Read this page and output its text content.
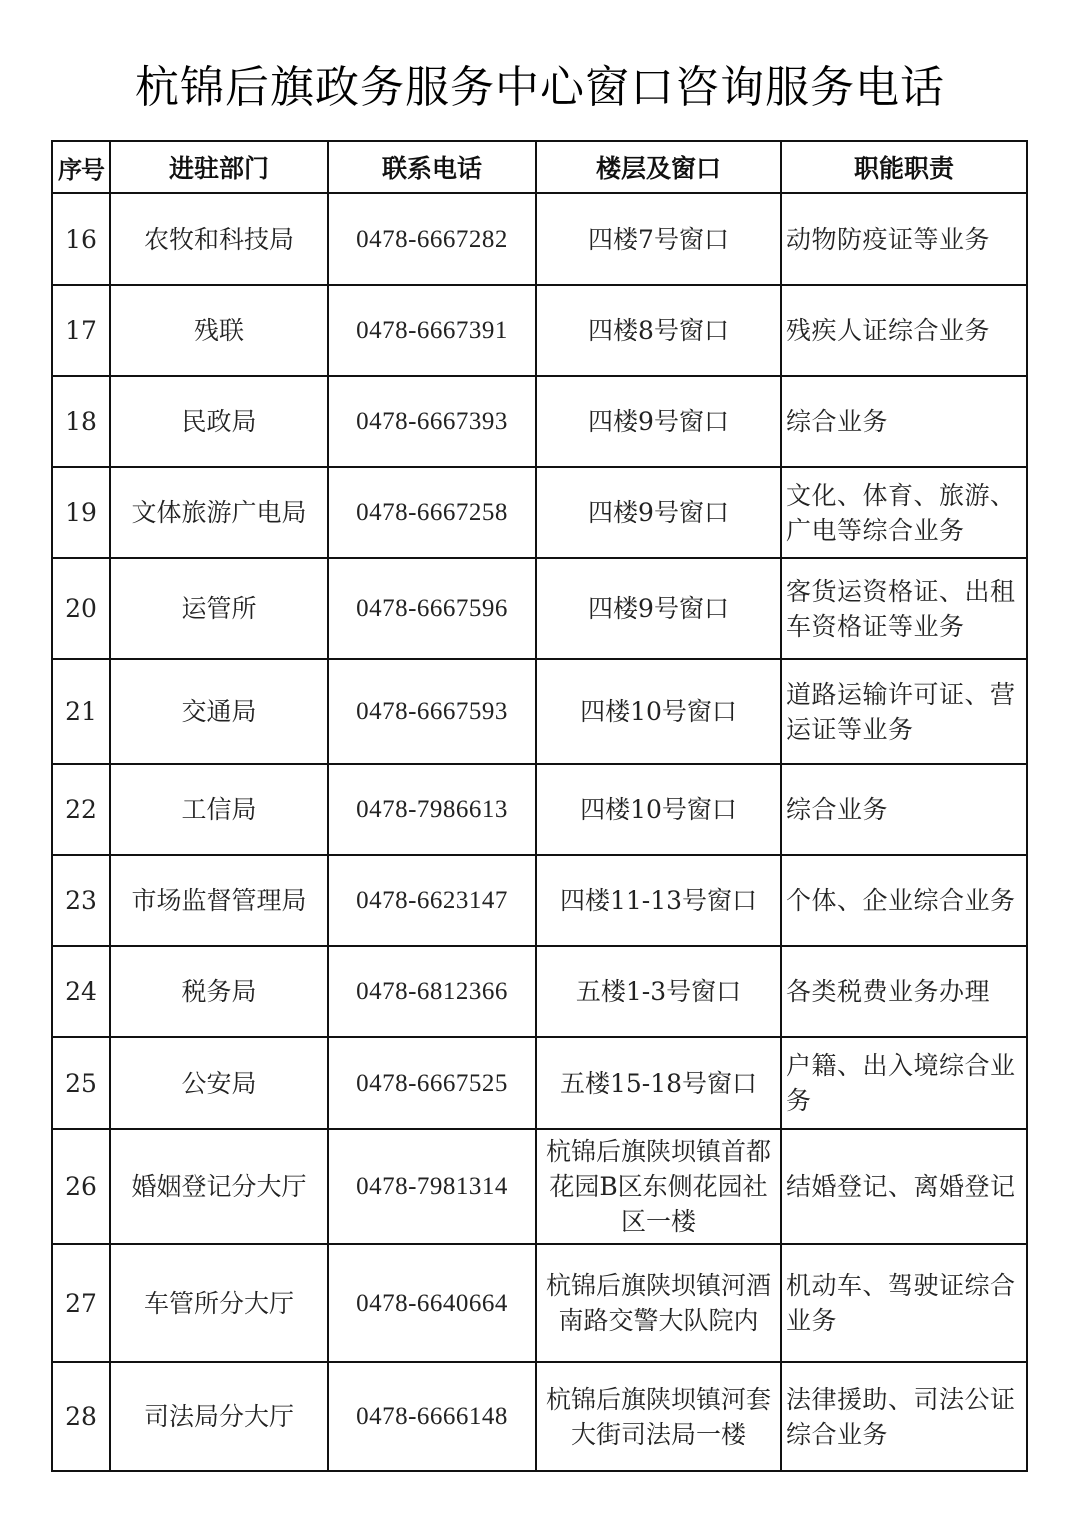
杭锦后旗政务服务中心窗口咨询服务电话
序号	进驻部门	联系电话	楼层及窗口	职能职责
16	农牧和科技局	0478-6667282	四楼7号窗口	动物防疫证等业务
17	残联	0478-6667391	四楼8号窗口	残疾人证综合业务
18	民政局	0478-6667393	四楼9号窗口	综合业务
19	文体旅游广电局	0478-6667258	四楼9号窗口	文化、体育、旅游、广电等综合业务
20	运管所	0478-6667596	四楼9号窗口	客货运资格证、出租车资格证等业务
21	交通局	0478-6667593	四楼10号窗口	道路运输许可证、营运证等业务
22	工信局	0478-7986613	四楼10号窗口	综合业务
23	市场监督管理局	0478-6623147	四楼11-13号窗口	个体、企业综合业务
24	税务局	0478-6812366	五楼1-3号窗口	各类税费业务办理
25	公安局	0478-6667525	五楼15-18号窗口	户籍、出入境综合业务
26	婚姻登记分大厅	0478-7981314	杭锦后旗陕坝镇首都花园B区东侧花园社区一楼	结婚登记、离婚登记
27	车管所分大厅	0478-6640664	杭锦后旗陕坝镇河酒南路交警大队院内	机动车、驾驶证综合业务
28	司法局分大厅	0478-6666148	杭锦后旗陕坝镇河套大街司法局一楼	法律援助、司法公证综合业务
